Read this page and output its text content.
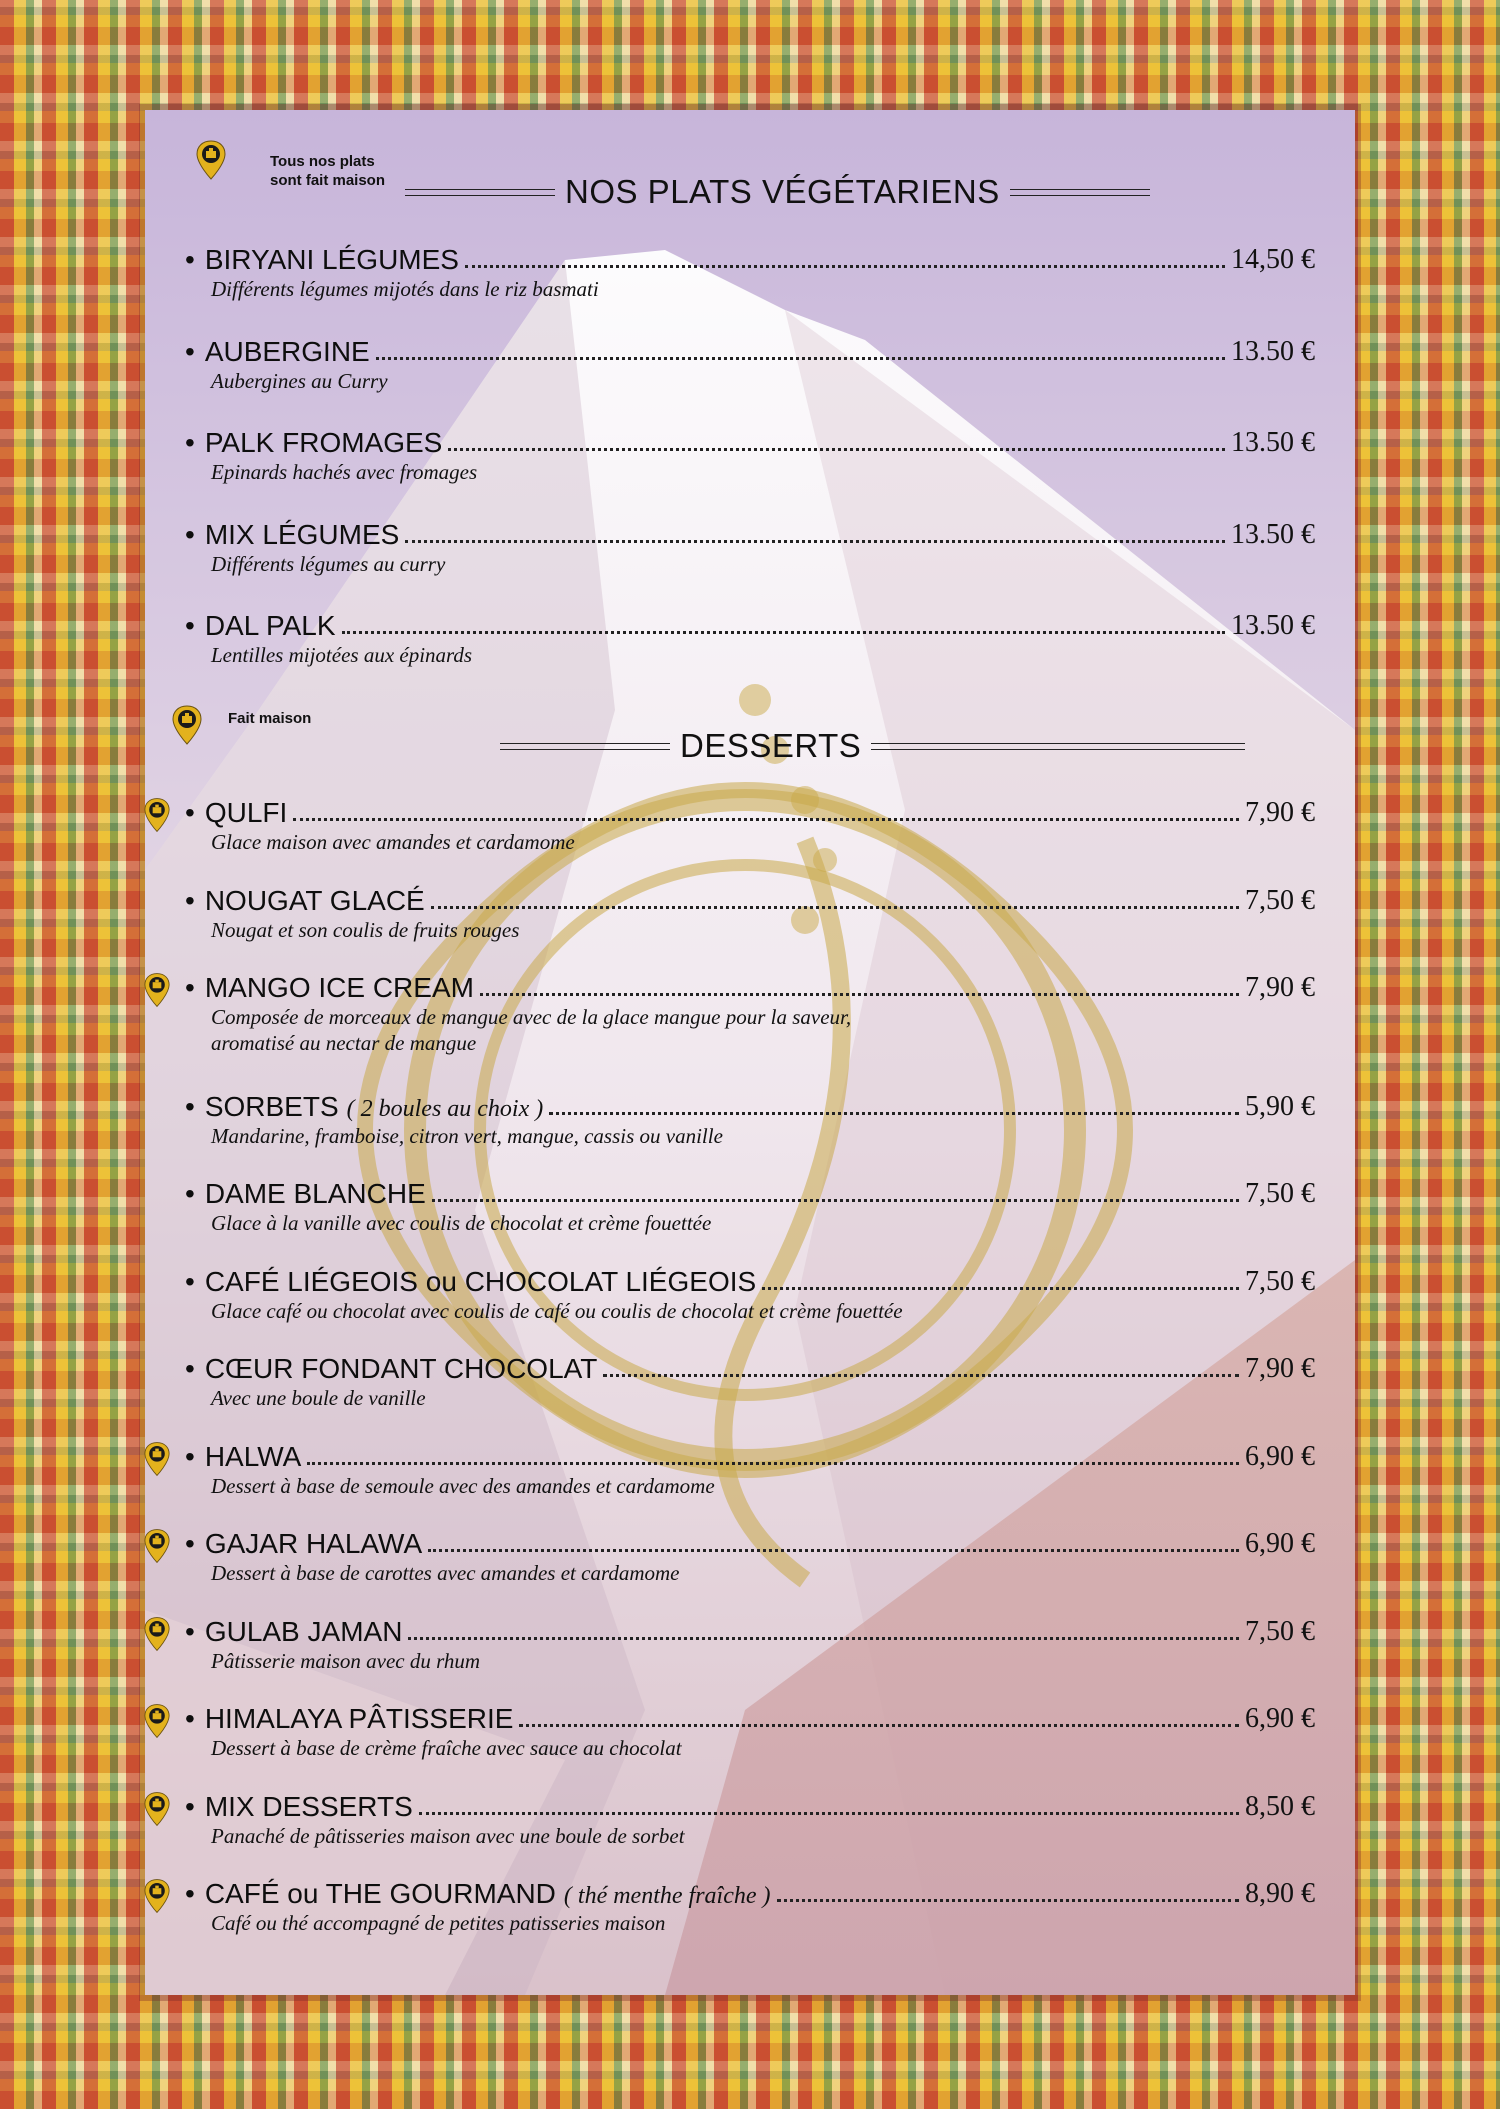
Tous nos plats
sont fait maison	NOS PLATS VÉGÉTARIENS
• BIRYANI LÉGUMES	14,50 €
Différents légumes mijotés dans le riz basmati
• AUBERGINE	13.50 €
Aubergines au Curry
• PALK FROMAGES	13.50 €
Epinards hachés avec fromages
• MIX LÉGUMES	13.50 €
Différents légumes au curry
• DAL PALK	13.50 €
Lentilles mijotées aux épinards
Fait maison
DESSERTS
• QULFI	7,90 €
Glace maison avec amandes et cardamome
• NOUGAT GLACÉ	7,50 €
Nougat et son coulis de fruits rouges
• MANGO ICE CREAM	7,90 €
Composée de morceaux de mangue avec de la glace mangue pour la saveur,
aromatisé au nectar de mangue
• SORBETS ( 2 boules au choix )	5,90 €
Mandarine, framboise, citron vert, mangue, cassis ou vanille
• DAME BLANCHE	7,50 €
Glace à la vanille avec coulis de chocolat et crème fouettée
• CAFÉ LIÉGEOIS ou CHOCOLAT LIÉGEOIS	7,50 €
Glace café ou chocolat avec coulis de café ou coulis de chocolat et crème fouettée
• CŒUR FONDANT CHOCOLAT	7,90 €
Avec une boule de vanille
• HALWA	6,90 €
Dessert à base de semoule avec des amandes et cardamome
• GAJAR HALAWA	6,90 €
Dessert à base de carottes avec amandes et cardamome
• GULAB JAMAN	7,50 €
Pâtisserie maison avec du rhum
• HIMALAYA PÂTISSERIE	6,90 €
Dessert à base de crème fraîche avec sauce au chocolat
• MIX DESSERTS	8,50 €
Panaché de pâtisseries maison avec une boule de sorbet
• CAFÉ ou THE GOURMAND ( thé menthe fraîche )	8,90 €
Café ou thé accompagné de petites patisseries maison
